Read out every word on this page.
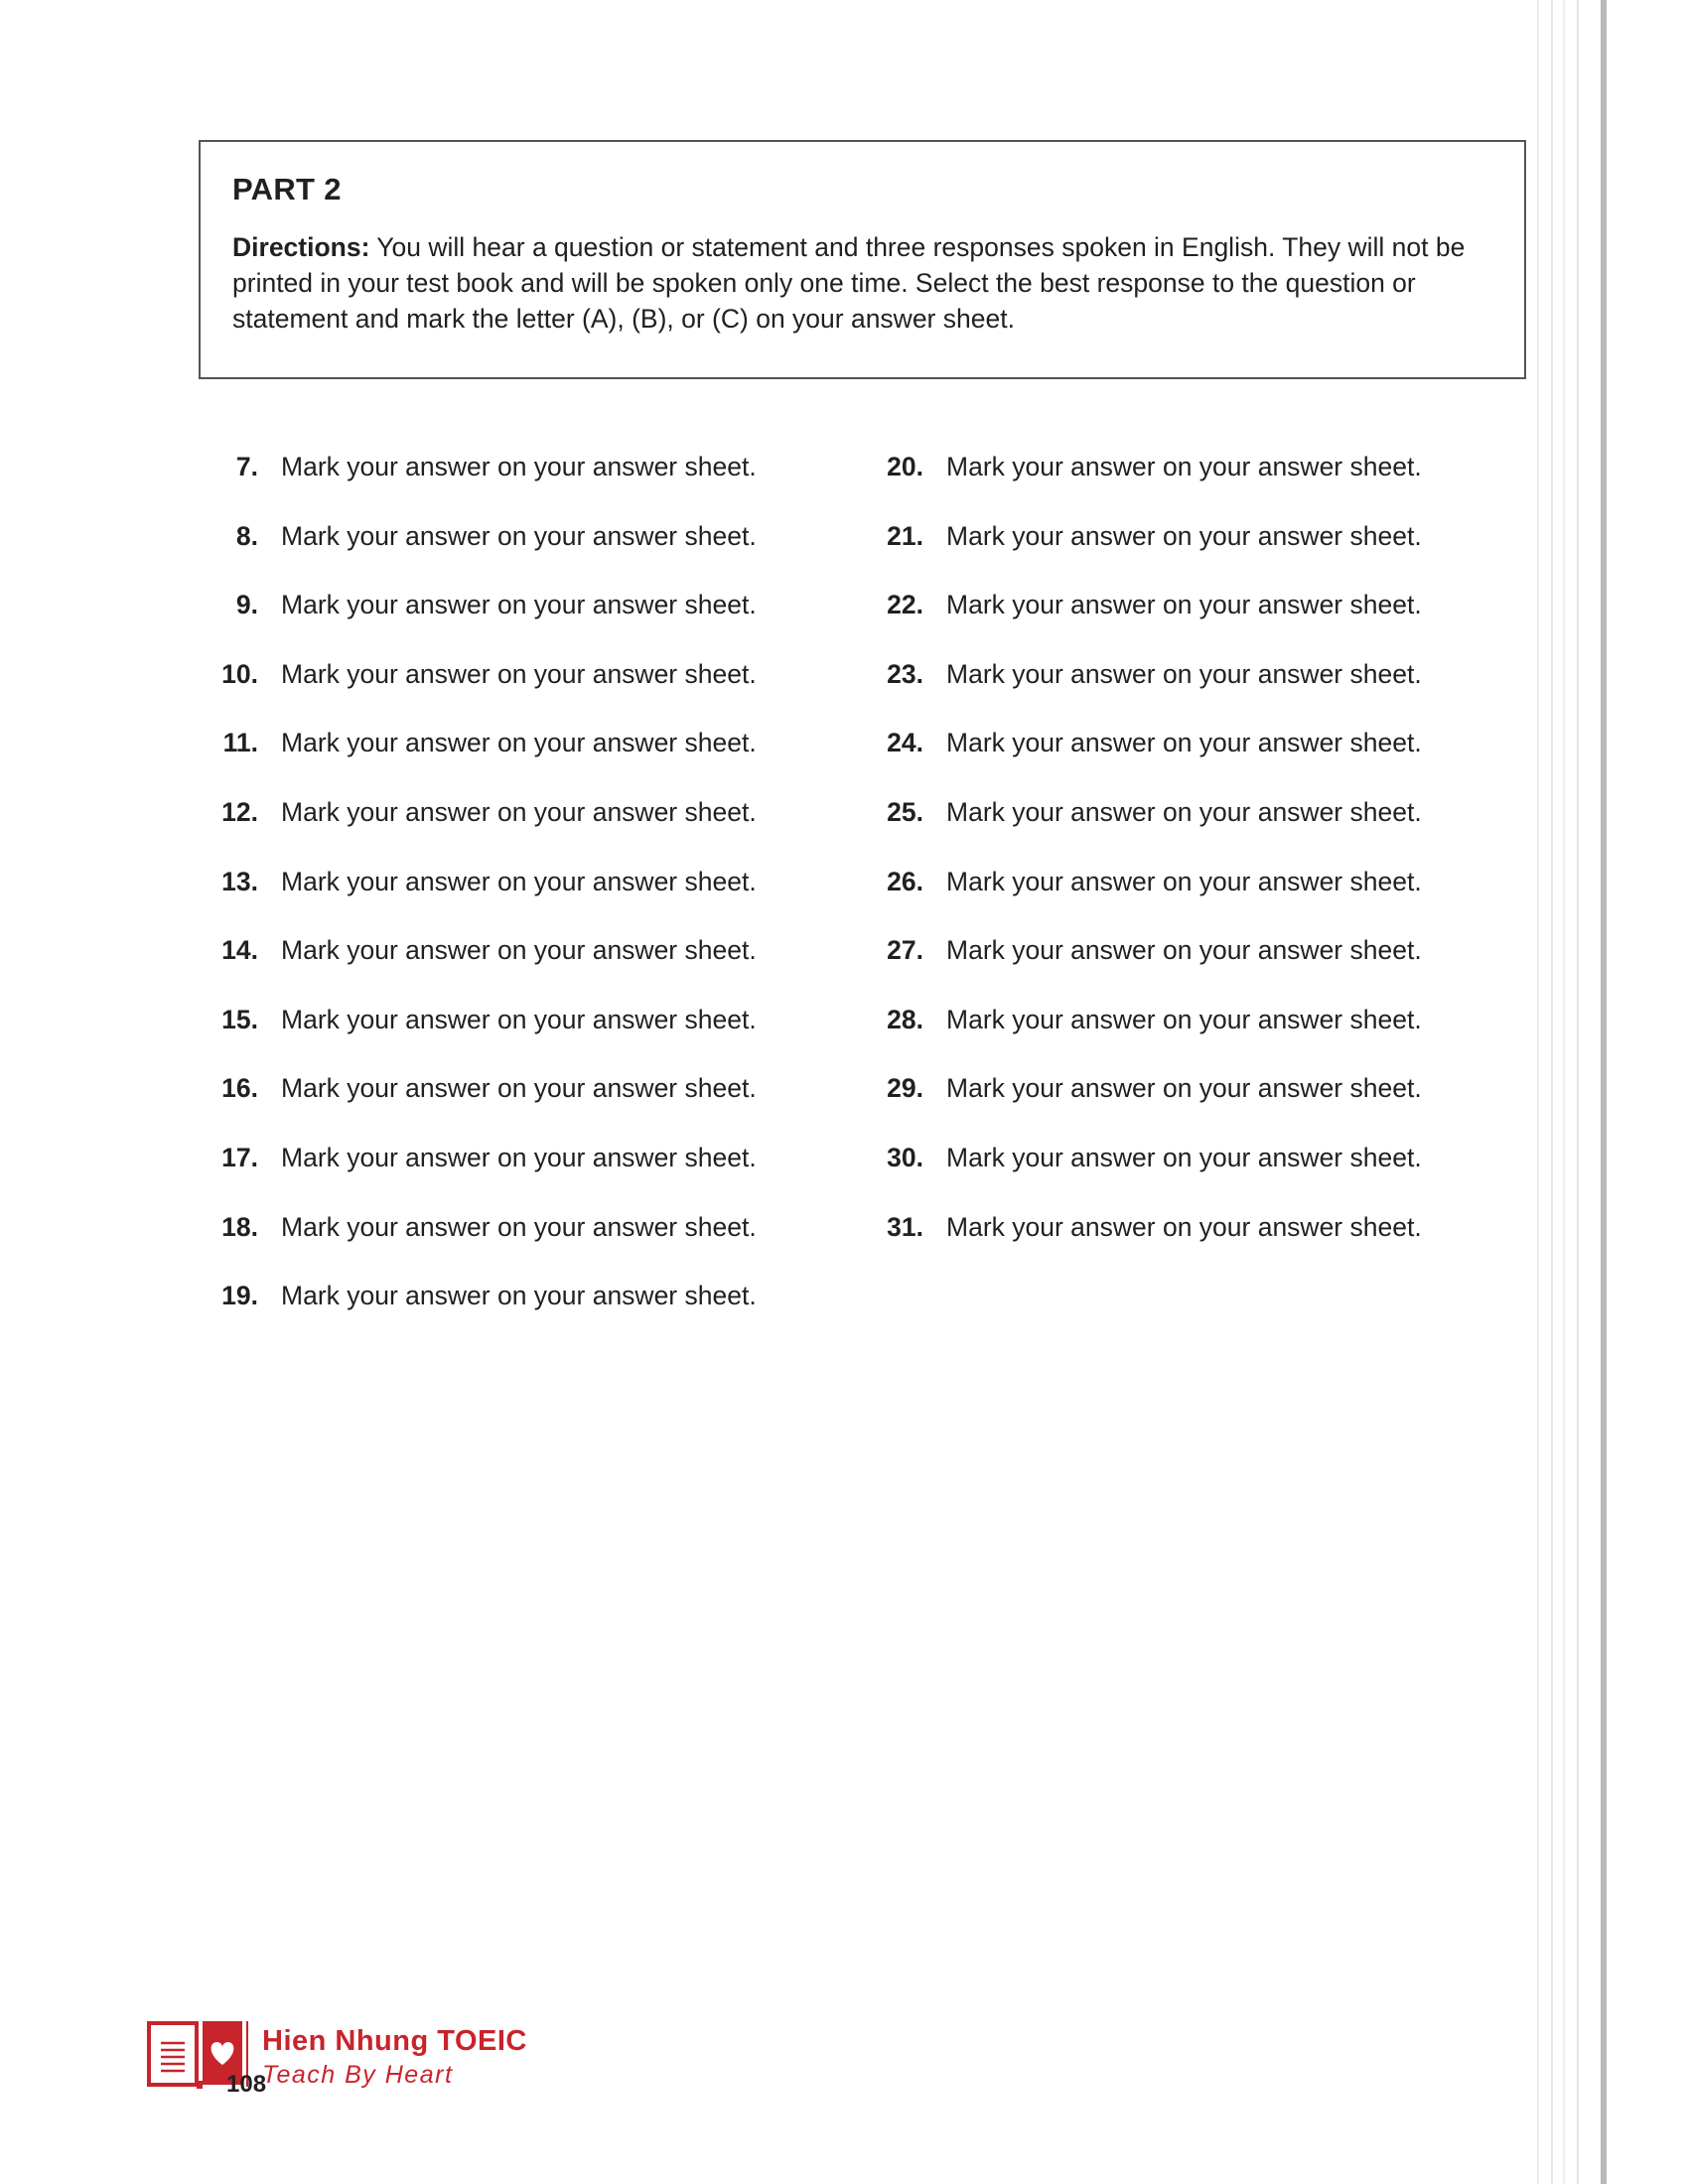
PART 2

Directions: You will hear a question or statement and three responses spoken in English. They will not be printed in your test book and will be spoken only one time. Select the best response to the question or statement and mark the letter (A), (B), or (C) on your answer sheet.

7. Mark your answer on your answer sheet.
8. Mark your answer on your answer sheet.
9. Mark your answer on your answer sheet.
10. Mark your answer on your answer sheet.
11. Mark your answer on your answer sheet.
12. Mark your answer on your answer sheet.
13. Mark your answer on your answer sheet.
14. Mark your answer on your answer sheet.
15. Mark your answer on your answer sheet.
16. Mark your answer on your answer sheet.
17. Mark your answer on your answer sheet.
18. Mark your answer on your answer sheet.
19. Mark your answer on your answer sheet.
20. Mark your answer on your answer sheet.
21. Mark your answer on your answer sheet.
22. Mark your answer on your answer sheet.
23. Mark your answer on your answer sheet.
24. Mark your answer on your answer sheet.
25. Mark your answer on your answer sheet.
26. Mark your answer on your answer sheet.
27. Mark your answer on your answer sheet.
28. Mark your answer on your answer sheet.
29. Mark your answer on your answer sheet.
30. Mark your answer on your answer sheet.
31. Mark your answer on your answer sheet.
Hien Nhung TOEIC
Teach By Heart
108
